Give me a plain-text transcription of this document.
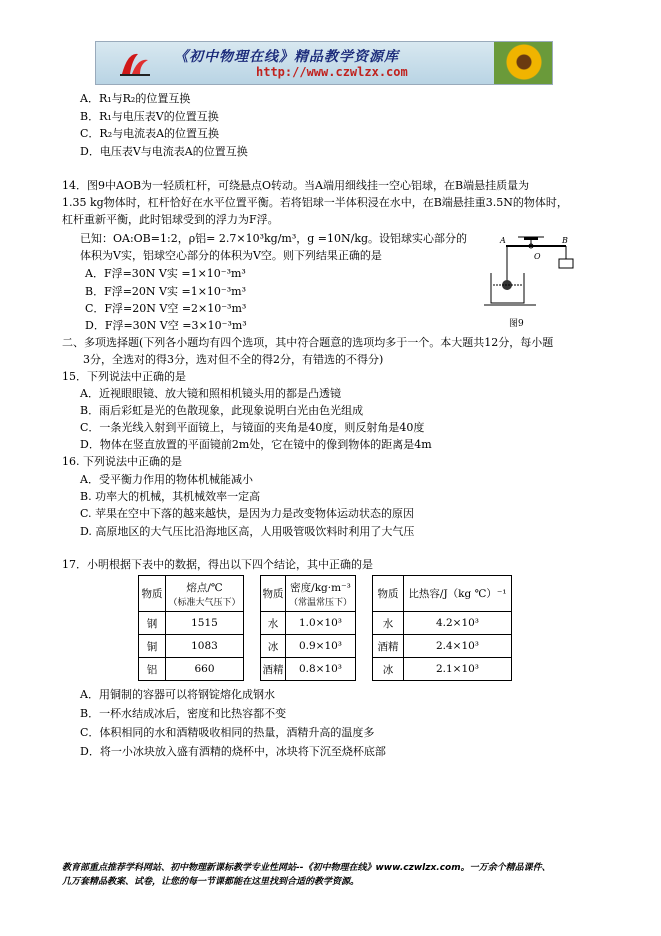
《初中物理在线》精品教学资源库
http://www.czwlzx.com
A．R₁与R₂的位置互换
B．R₁与电压表V的位置互换
C．R₂与电流表A的位置互换
D．电压表V与电流表A的位置互换
14．图9中AOB为一轻质杠杆，可绕悬点O转动。当A端用细线挂一空心铝球，在B端悬挂质量为
1.35 kg物体时，杠杆恰好在水平位置平衡。若将铝球一半体积浸在水中，在B端悬挂重3.5N的物体时，
杠杆重新平衡，此时铝球受到的浮力为F浮。
已知：OA:OB=1:2，ρ铝= 2.7×10³kg/m³，g =10N/kg。设铝球实心部分的
体积为V实，铝球空心部分的体积为V空。则下列结果正确的是
A．F浮=30N V实 =1×10⁻³m³
B．F浮=20N V实 =1×10⁻³m³
C．F浮=20N V空 =2×10⁻³m³
D．F浮=30N V空 =3×10⁻³m³
A
O
B
图9
二、多项选择题(下列各小题均有四个选项，其中符合题意的选项均多于一个。本大题共12分，每小题
3分，全选对的得3分，选对但不全的得2分，有错选的不得分)
15．下列说法中正确的是
A．近视眼眼镜、放大镜和照相机镜头用的都是凸透镜
B．雨后彩虹是光的色散现象，此现象说明白光由色光组成
C．一条光线入射到平面镜上，与镜面的夹角是40度，则反射角是40度
D．物体在竖直放置的平面镜前2m处，它在镜中的像到物体的距离是4m
16. 下列说法中正确的是
A．受平衡力作用的物体机械能减小
B. 功率大的机械，其机械效率一定高
C. 苹果在空中下落的越来越快，是因为力是改变物体运动状态的原因
D. 高原地区的大气压比沿海地区高，人用吸管吸饮料时利用了大气压
17．小明根据下表中的数据，得出以下四个结论，其中正确的是
物质	熔点/℃
（标准大气压下）

钢	1515
铜	1083
铝	660
物质	密度/kg·m⁻³
（常温常压下）

水	1.0×10³
冰	0.9×10³
酒精	0.8×10³
物质	比热容/J（kg ℃）⁻¹
水	4.2×10³
酒精	2.4×10³
冰	2.1×10³
A．用铜制的容器可以将钢锭熔化成钢水
B．一杯水结成冰后，密度和比热容都不变
C．体积相同的水和酒精吸收相同的热量，酒精升高的温度多
D．将一小冰块放入盛有酒精的烧杯中，冰块将下沉至烧杯底部
教育部重点推荐学科网站、初中物理新课标教学专业性网站--《初中物理在线》www.czwlzx.com。一万余个精品课件、
几万套精品教案、试卷，让您的每一节课都能在这里找到合适的教学资源。
